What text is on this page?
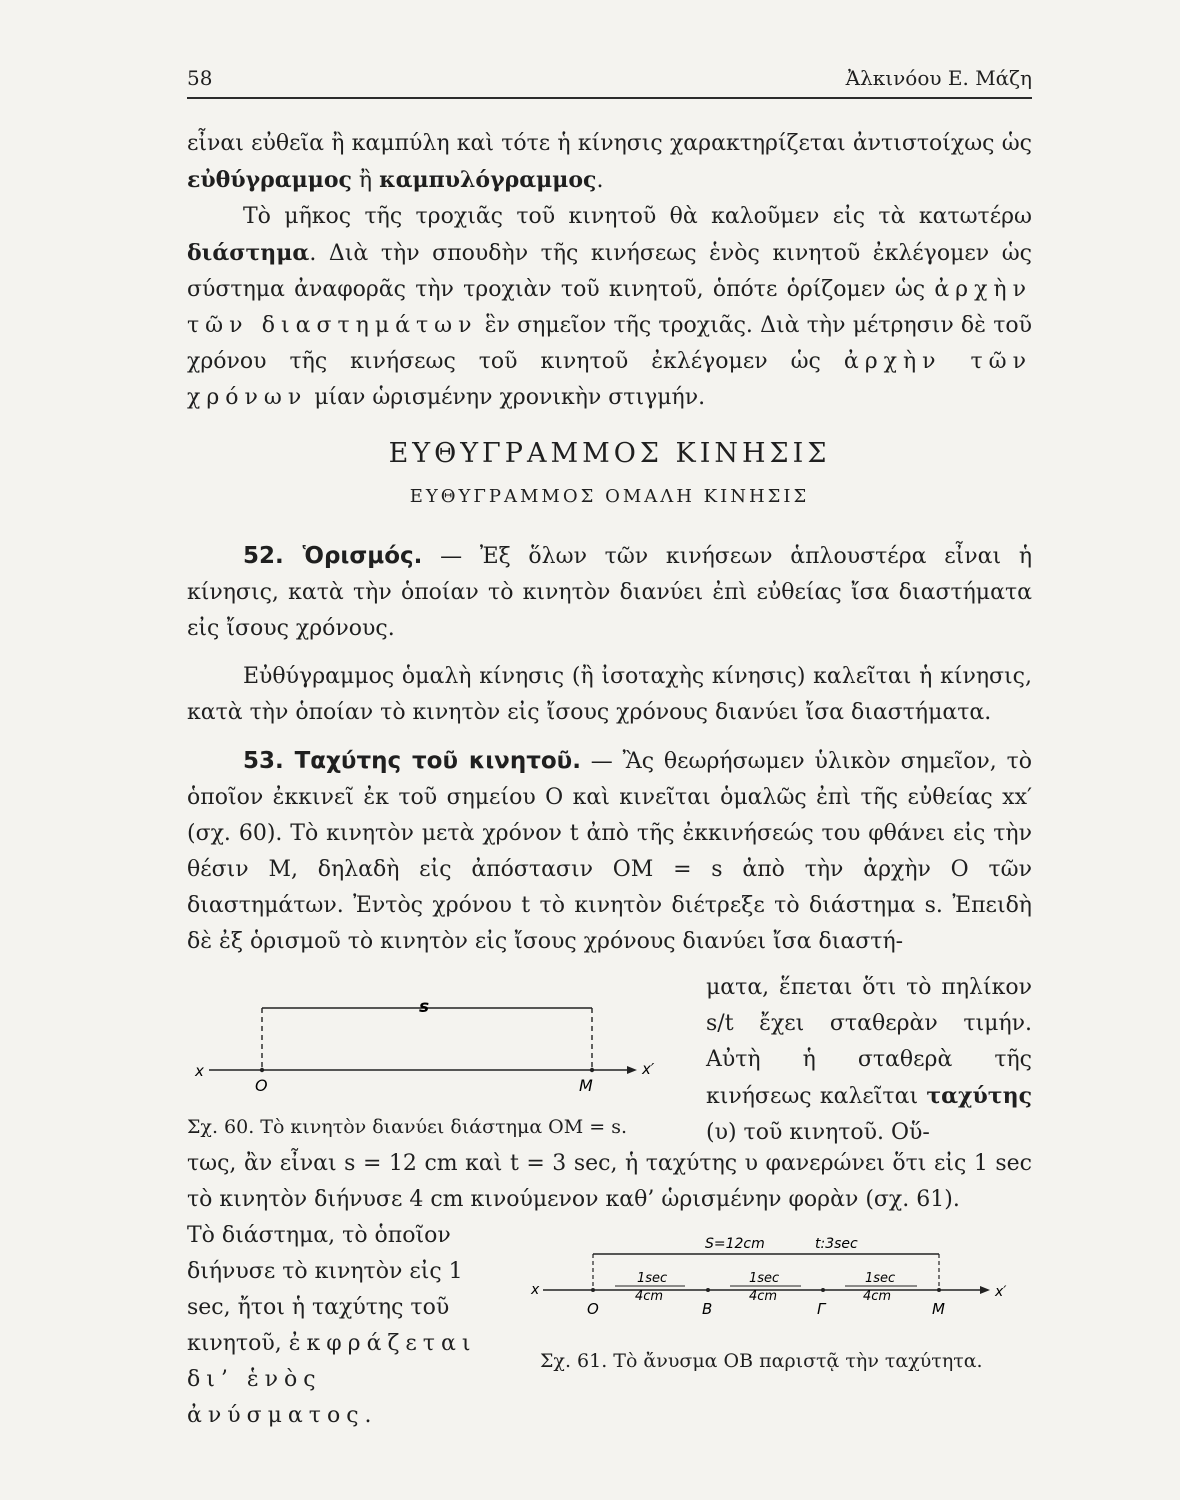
58	Ἀλκινόου Ε. Μάζη

εἶναι εὐθεῖα ἢ καμπύλη καὶ τότε ἡ κίνησις χαρακτηρίζεται ἀντιστοίχως ὡς εὐθύγραμμος ἢ καμπυλόγραμμος.

Τὸ μῆκος τῆς τροχιᾶς τοῦ κινητοῦ θὰ καλοῦμεν εἰς τὰ κατωτέρω διάστημα. Διὰ τὴν σπουδὴν τῆς κινήσεως ἑνὸς κινητοῦ ἐκλέγομεν ὡς σύστημα ἀναφορᾶς τὴν τροχιὰν τοῦ κινητοῦ, ὁπότε ὁρίζομεν ὡς ἀρχὴν τῶν διαστημάτων ἓν σημεῖον τῆς τροχιᾶς. Διὰ τὴν μέτρησιν δὲ τοῦ χρόνου τῆς κινήσεως τοῦ κινητοῦ ἐκλέγομεν ὡς ἀρχὴν τῶν χρόνων μίαν ὡρισμένην χρονικὴν στιγμήν.

ΕΥΘΥΓΡΑΜΜΟΣ ΚΙΝΗΣΙΣ
ΕΥΘΥΓΡΑΜΜΟΣ ΟΜΑΛΗ ΚΙΝΗΣΙΣ

52. Ὁρισμός. — Ἐξ ὅλων τῶν κινήσεων ἁπλουστέρα εἶναι ἡ κίνησις, κατὰ τὴν ὁποίαν τὸ κινητὸν διανύει ἐπὶ εὐθείας ἴσα διαστήματα εἰς ἴσους χρόνους.

Εὐθύγραμμος ὁμαλὴ κίνησις (ἢ ἰσοταχὴς κίνησις) καλεῖται ἡ κίνησις, κατὰ τὴν ὁποίαν τὸ κινητὸν εἰς ἴσους χρόνους διανύει ἴσα διαστήματα.

53. Ταχύτης τοῦ κινητοῦ. — Ἂς θεωρήσωμεν ὑλικὸν σημεῖον, τὸ ὁποῖον ἐκκινεῖ ἐκ τοῦ σημείου Ο καὶ κινεῖται ὁμαλῶς ἐπὶ τῆς εὐθείας xx′ (σχ. 60). Τὸ κινητὸν μετὰ χρόνον t ἀπὸ τῆς ἐκκινήσεώς του φθάνει εἰς τὴν θέσιν M, δηλαδὴ εἰς ἀπόστασιν OM = s ἀπὸ τὴν ἀρχὴν O τῶν διαστημάτων. Ἐντὸς χρόνου t τὸ κινητὸν διέτρεξε τὸ διάστημα s. Ἐπειδὴ δὲ ἐξ ὁρισμοῦ τὸ κινητὸν εἰς ἴσους χρόνους διανύει ἴσα διαστή-

s
x
O	M
x′

ματα, ἕπεται ὅτι τὸ πηλίκον s/t ἔχει σταθερὰν τιμήν. Αὐτὴ ἡ σταθερὰ τῆς κινήσεως καλεῖται ταχύτης (υ) τοῦ κινητοῦ. Οὕ-

Σχ. 60. Τὸ κινητὸν διανύει διάστημα OM = s.
τως, ἂν εἶναι s = 12 cm καὶ t = 3 sec, ἡ ταχύτης υ φανερώνει ὅτι εἰς 1 sec τὸ κινητὸν διήνυσε 4 cm κινούμενον καθ’ ὡρισμένην φορὰν (σχ. 61).

Τὸ διάστημα, τὸ ὁποῖον διήνυσε τὸ κινητὸν εἰς 1 sec, ἤτοι ἡ ταχύτης τοῦ κινητοῦ, ἐκφράζεται δι’ ἑνὸς ἀνύσματος.

S=12cm	t:3sec
1sec
4cm
1sec
4cm
1sec
4cm
x
O	B	Γ	M
x′
Σχ. 61. Τὸ ἄνυσμα OB παριστᾷ τὴν ταχύτητα.
